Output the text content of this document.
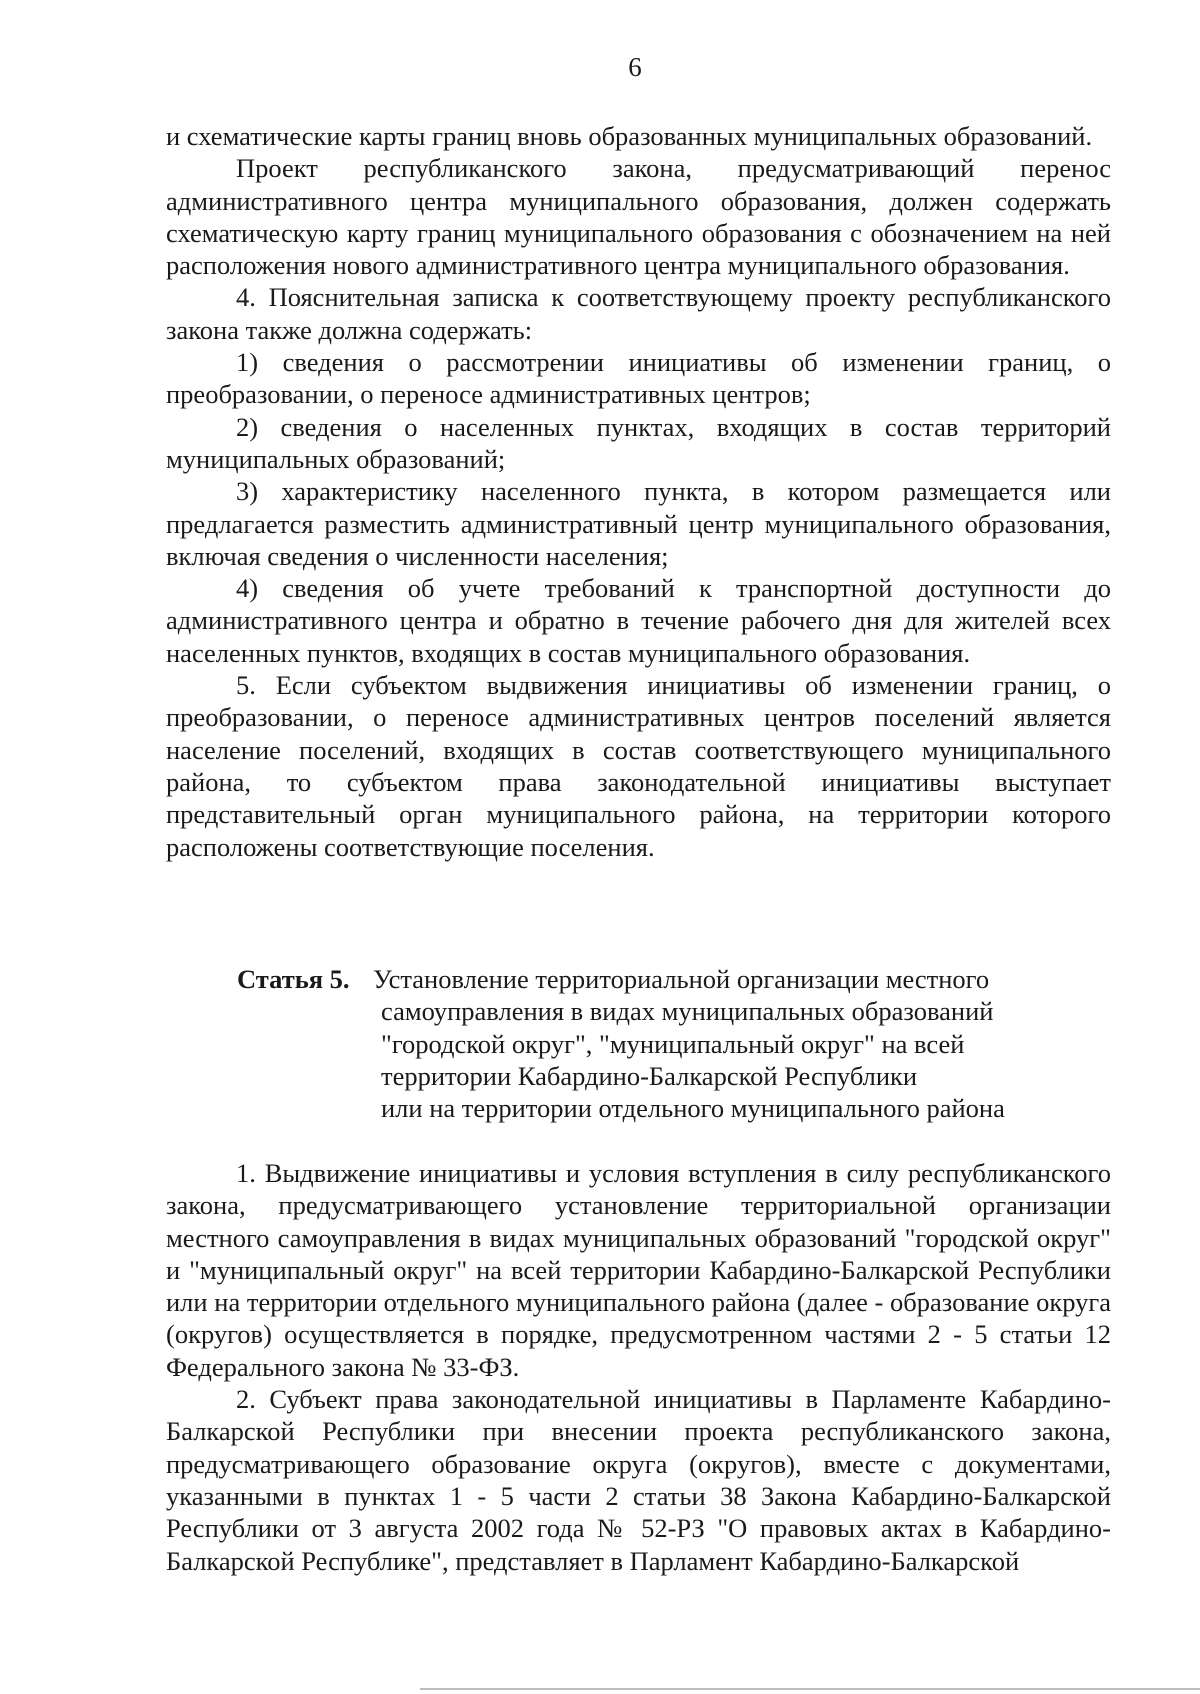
6

и схематические карты границ вновь образованных муниципальных образований.

Проект республиканского закона, предусматривающий перенос административного центра муниципального образования, должен содержать схематическую карту границ муниципального образования с обозначением на ней расположения нового административного центра муниципального образования.

4. Пояснительная записка к соответствующему проекту республиканского закона также должна содержать:

1) сведения о рассмотрении инициативы об изменении границ, о преобразовании, о переносе административных центров;

2) сведения о населенных пунктах, входящих в состав территорий муниципальных образований;

3) характеристику населенного пункта, в котором размещается или предлагается разместить административный центр муниципального образования, включая сведения о численности населения;

4) сведения об учете требований к транспортной доступности до административного центра и обратно в течение рабочего дня для жителей всех населенных пунктов, входящих в состав муниципального образования.

5. Если субъектом выдвижения инициативы об изменении границ, о преобразовании, о переносе административных центров поселений является население поселений, входящих в состав соответствующего муниципального района, то субъектом права законодательной инициативы выступает представительный орган муниципального района, на территории которого расположены соответствующие поселения.

Статья 5. Установление территориальной организации местного
самоуправления в видах муниципальных образований
"городской округ", "муниципальный округ" на всей
территории Кабардино-Балкарской Республики
или на территории отдельного муниципального района

1. Выдвижение инициативы и условия вступления в силу республиканского закона, предусматривающего установление территориальной организации местного самоуправления в видах муниципальных образований "городской округ" и "муниципальный округ" на всей территории Кабардино-Балкарской Республики или на территории отдельного муниципального района (далее - образование округа (округов) осуществляется в порядке, предусмотренном частями 2 - 5 статьи 12 Федерального закона № 33-ФЗ.

2. Субъект права законодательной инициативы в Парламенте Кабардино-Балкарской Республики при внесении проекта республиканского закона, предусматривающего образование округа (округов), вместе с документами, указанными в пунктах 1 - 5 части 2 статьи 38 Закона Кабардино-Балкарской Республики от 3 августа 2002 года № 52-РЗ "О правовых актах в Кабардино-Балкарской Республике", представляет в Парламент Кабардино-Балкарской
